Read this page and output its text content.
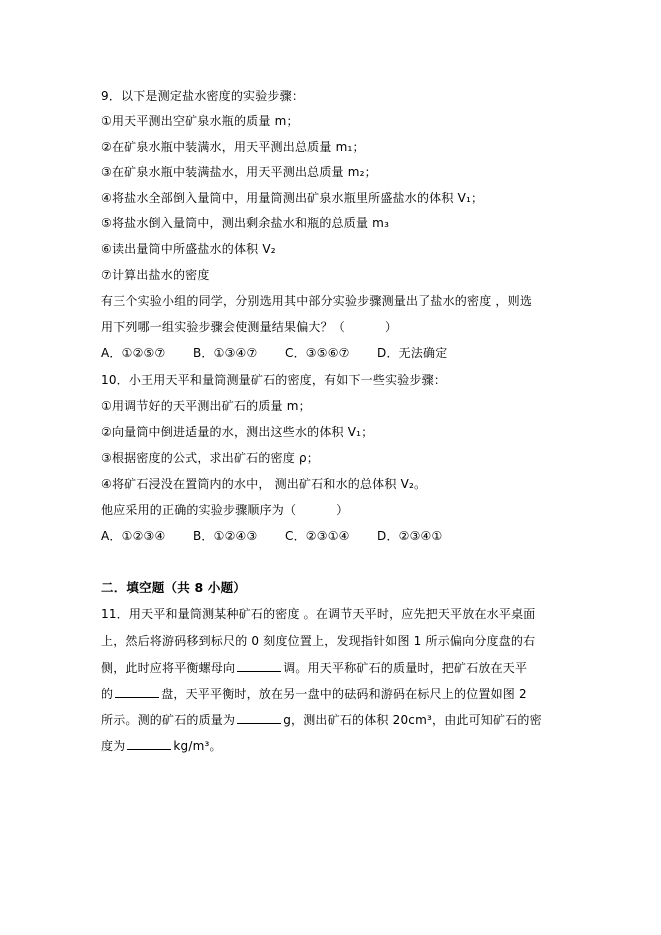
9．以下是测定盐水密度的实验步骤：
①用天平测出空矿泉水瓶的质量 m；
②在矿泉水瓶中装满水，用天平测出总质量 m₁；
③在矿泉水瓶中装满盐水，用天平测出总质量 m₂；
④将盐水全部倒入量筒中，用量筒测出矿泉水瓶里所盛盐水的体积 V₁；
⑤将盐水倒入量筒中，测出剩余盐水和瓶的总质量 m₃
⑥读出量筒中所盛盐水的体积 V₂
⑦计算出盐水的密度
有三个实验小组的同学，分别选用其中部分实验步骤测量出了盐水的密度 ，则选
用下列哪一组实验步骤会使测量结果偏大？（	）
A．①②⑤⑦ B．①③④⑦ C．③⑤⑥⑦ D．无法确定
10．小王用天平和量筒测量矿石的密度，有如下一些实验步骤：
①用调节好的天平测出矿石的质量 m；
②向量筒中倒进适量的水，测出这些水的体积 V₁；
③根据密度的公式，求出矿石的密度 ρ；
④将矿石浸没在置筒内的水中， 测出矿石和水的总体积 V₂。
他应采用的正确的实验步骤顺序为（	）
A．①②③④ B．①②④③ C．②③①④ D．②③④①
二．填空题（共 8 小题）
11．用天平和量筒测某种矿石的密度 。在调节天平时，应先把天平放在水平桌面
上，然后将游码移到标尺的 0 刻度位置上，发现指针如图 1 所示偏向分度盘的右
侧，此时应将平衡螺母向	调。用天平称矿石的质量时，把矿石放在天平
的	盘，天平平衡时，放在另一盘中的砝码和游码在标尺上的位置如图 2
所示。测的矿石的质量为	g，测出矿石的体积 20cm³，由此可知矿石的密
度为	kg/m³。
